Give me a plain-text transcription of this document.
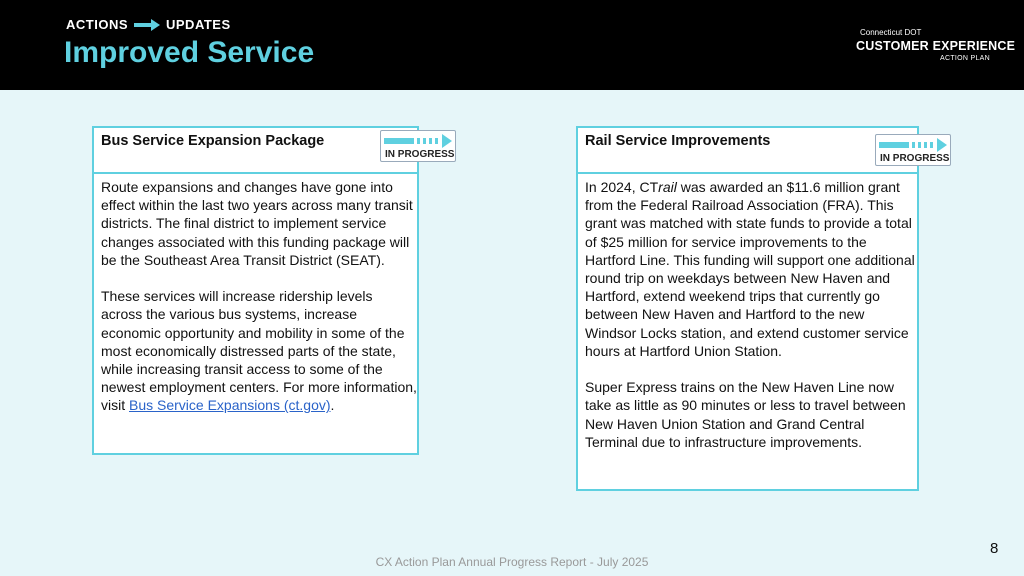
ACTIONS	UPDATES
Improved Service
Connecticut DOT
CUSTOMER EXPERIENCE
ACTION PLAN
Bus Service Expansion Package

Route expansions and changes have gone into effect within the last two years across many transit districts. The final district to implement service changes associated with this funding package will be the Southeast Area Transit District (SEAT).

These services will increase ridership levels across the various bus systems, increase economic opportunity and mobility in some of the most economically distressed parts of the state, while increasing transit access to some of the newest employment centers. For more information,
visit Bus Service Expansions (ct.gov).

IN PROGRESS
Rail Service Improvements

In 2024, CTrail was awarded an $11.6 million grant from the Federal Railroad Association (FRA). This grant was matched with state funds to provide a total of $25 million for service improvements to the Hartford Line. This funding will support one additional round trip on weekdays between New Haven and Hartford, extend weekend trips that currently go between New Haven and Hartford to the new Windsor Locks station, and extend customer service hours at Hartford Union Station.

Super Express trains on the New Haven Line now take as little as 90 minutes or less to travel between New Haven Union Station and Grand Central Terminal due to infrastructure improvements.

IN PROGRESS
CX Action Plan Annual Progress Report - July 2025
8
